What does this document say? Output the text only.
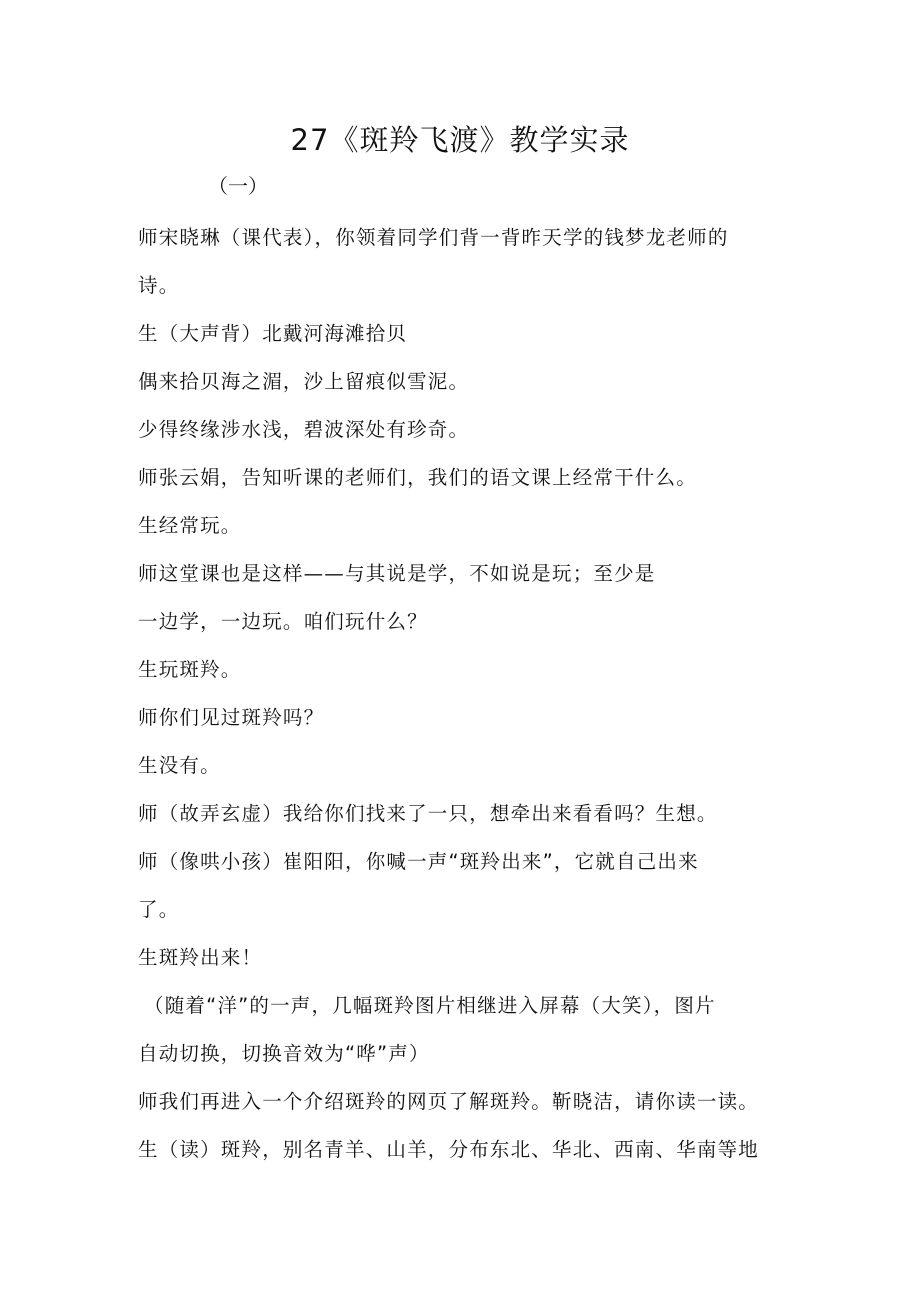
27《斑羚飞渡》教学实录
（一）
师宋晓琳（课代表），你领着同学们背一背昨天学的钱梦龙老师的
诗。
生（大声背）北戴河海滩拾贝
偶来拾贝海之湄，沙上留痕似雪泥。
少得终缘涉水浅，碧波深处有珍奇。
师张云娟，告知听课的老师们，我们的语文课上经常干什么。
生经常玩。
师这堂课也是这样——与其说是学，不如说是玩；至少是
一边学，一边玩。咱们玩什么？
生玩斑羚。
师你们见过斑羚吗？
生没有。
师（故弄玄虚）我给你们找来了一只，想牵出来看看吗？生想。
师（像哄小孩）崔阳阳，你喊一声“斑羚出来”，它就自己出来
了。
生斑羚出来！
（随着“洋”的一声，几幅斑羚图片相继进入屏幕（大笑），图片
自动切换，切换音效为“哗”声）
师我们再进入一个介绍斑羚的网页了解斑羚。靳晓洁，请你读一读。
生（读）斑羚，别名青羊、山羊，分布东北、华北、西南、华南等地
